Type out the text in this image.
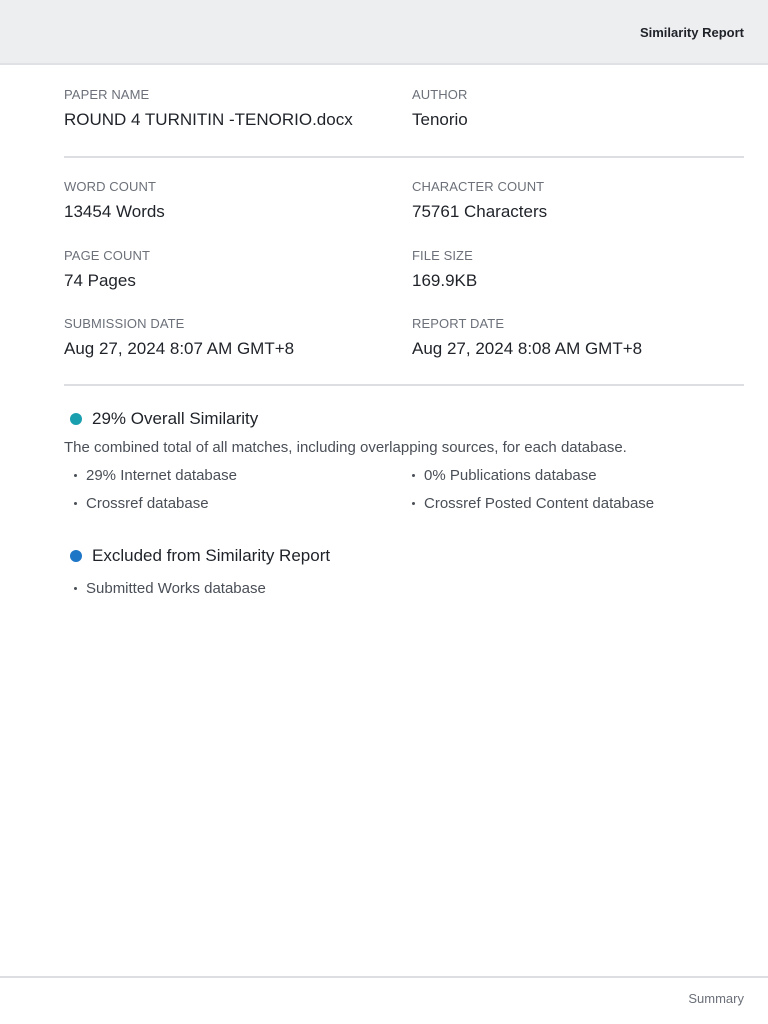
Similarity Report
PAPER NAME
ROUND 4 TURNITIN -TENORIO.docx
AUTHOR
Tenorio
WORD COUNT
13454 Words
CHARACTER COUNT
75761 Characters
PAGE COUNT
74 Pages
FILE SIZE
169.9KB
SUBMISSION DATE
Aug 27, 2024 8:07 AM GMT+8
REPORT DATE
Aug 27, 2024 8:08 AM GMT+8
29% Overall Similarity
The combined total of all matches, including overlapping sources, for each database.
29% Internet database	0% Publications database
Crossref database	Crossref Posted Content database
Excluded from Similarity Report
Submitted Works database
Summary
